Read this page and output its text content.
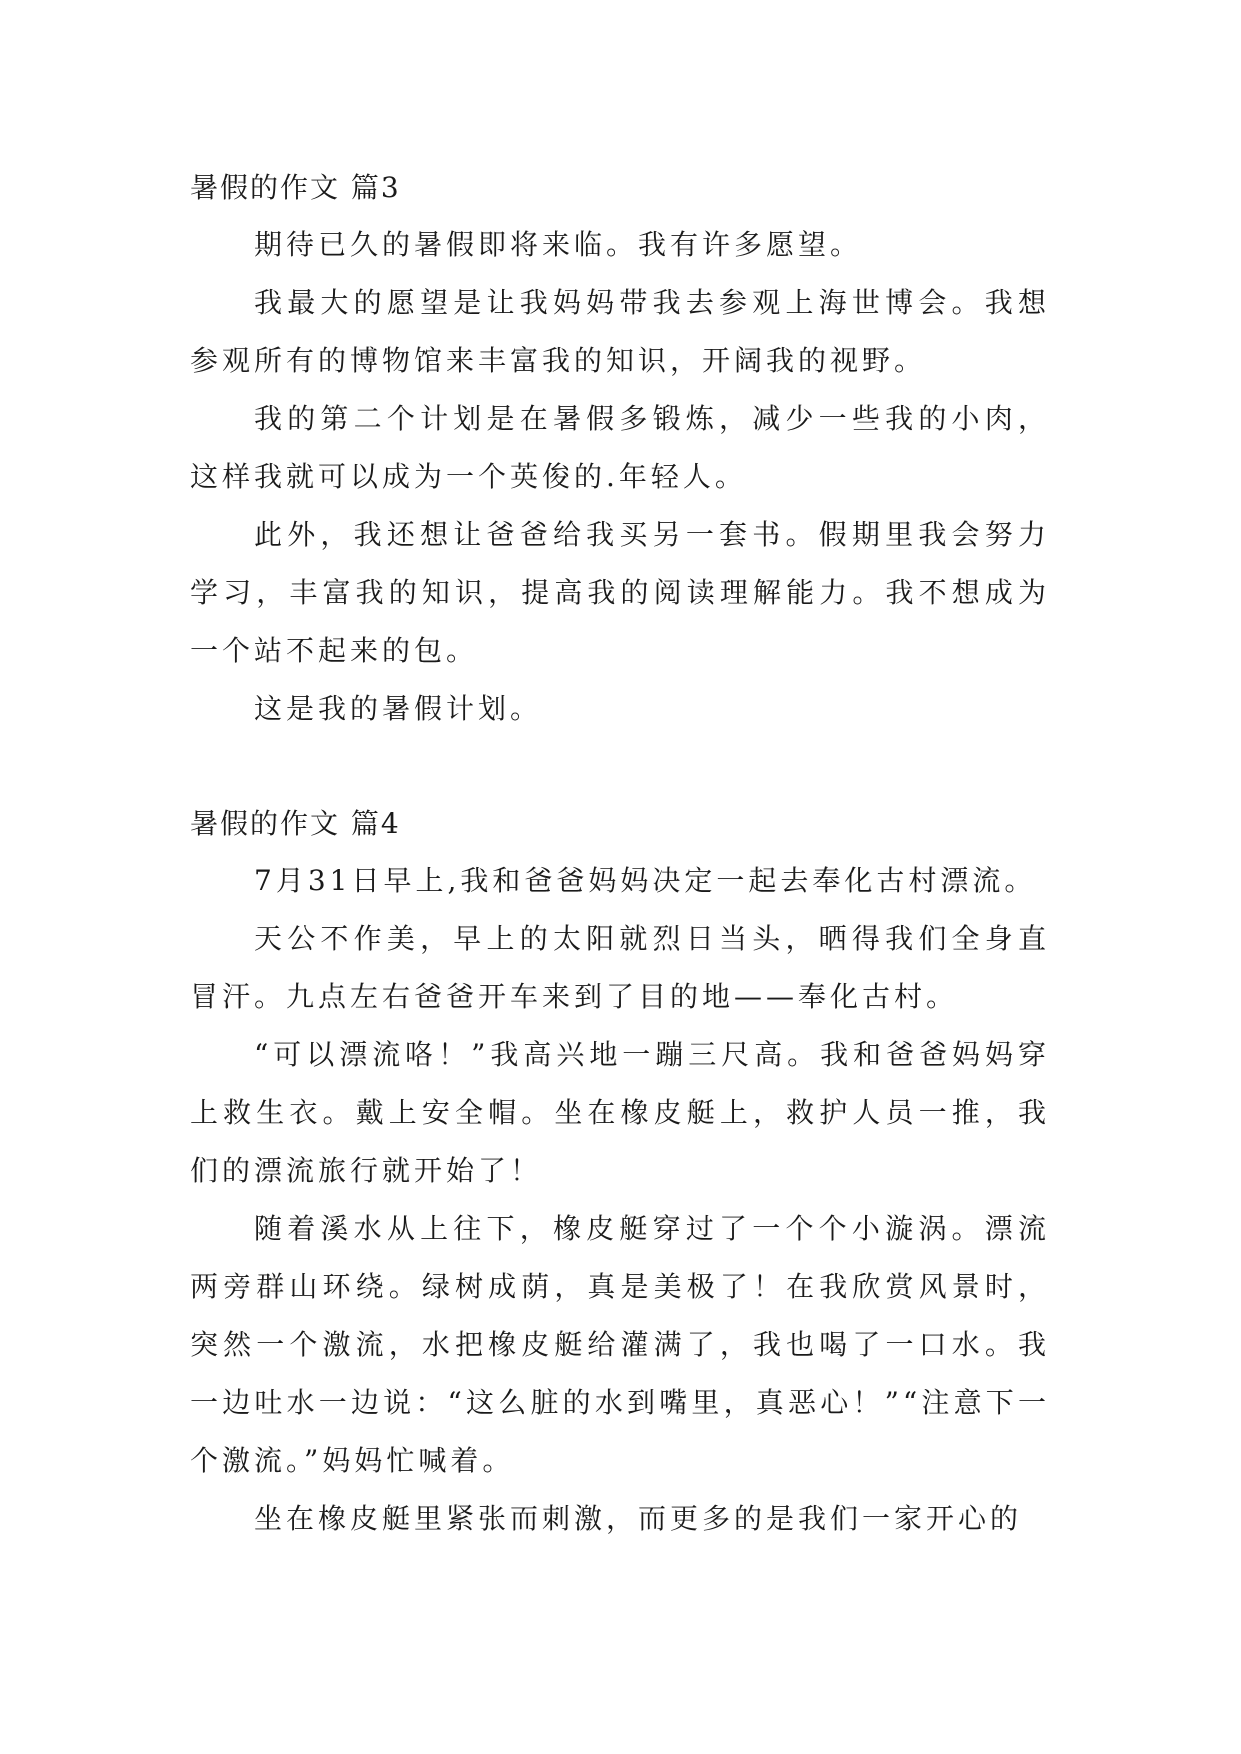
暑假的作文 篇3

期待已久的暑假即将来临。我有许多愿望。

我最大的愿望是让我妈妈带我去参观上海世博会。我想参观所有的博物馆来丰富我的知识，开阔我的视野。

我的第二个计划是在暑假多锻炼，减少一些我的小肉，这样我就可以成为一个英俊的.年轻人。

此外，我还想让爸爸给我买另一套书。假期里我会努力学习，丰富我的知识，提高我的阅读理解能力。我不想成为一个站不起来的包。

这是我的暑假计划。

暑假的作文 篇4

7月31日早上,我和爸爸妈妈决定一起去奉化古村漂流。

天公不作美，早上的太阳就烈日当头，晒得我们全身直冒汗。九点左右爸爸开车来到了目的地——奉化古村。

“可以漂流咯！”我高兴地一蹦三尺高。我和爸爸妈妈穿上救生衣。戴上安全帽。坐在橡皮艇上，救护人员一推，我们的漂流旅行就开始了！

随着溪水从上往下，橡皮艇穿过了一个个小漩涡。漂流两旁群山环绕。绿树成荫，真是美极了！在我欣赏风景时，突然一个激流，水把橡皮艇给灌满了，我也喝了一口水。我一边吐水一边说：“这么脏的水到嘴里，真恶心！”“注意下一个激流。”妈妈忙喊着。

坐在橡皮艇里紧张而刺激，而更多的是我们一家开心的
